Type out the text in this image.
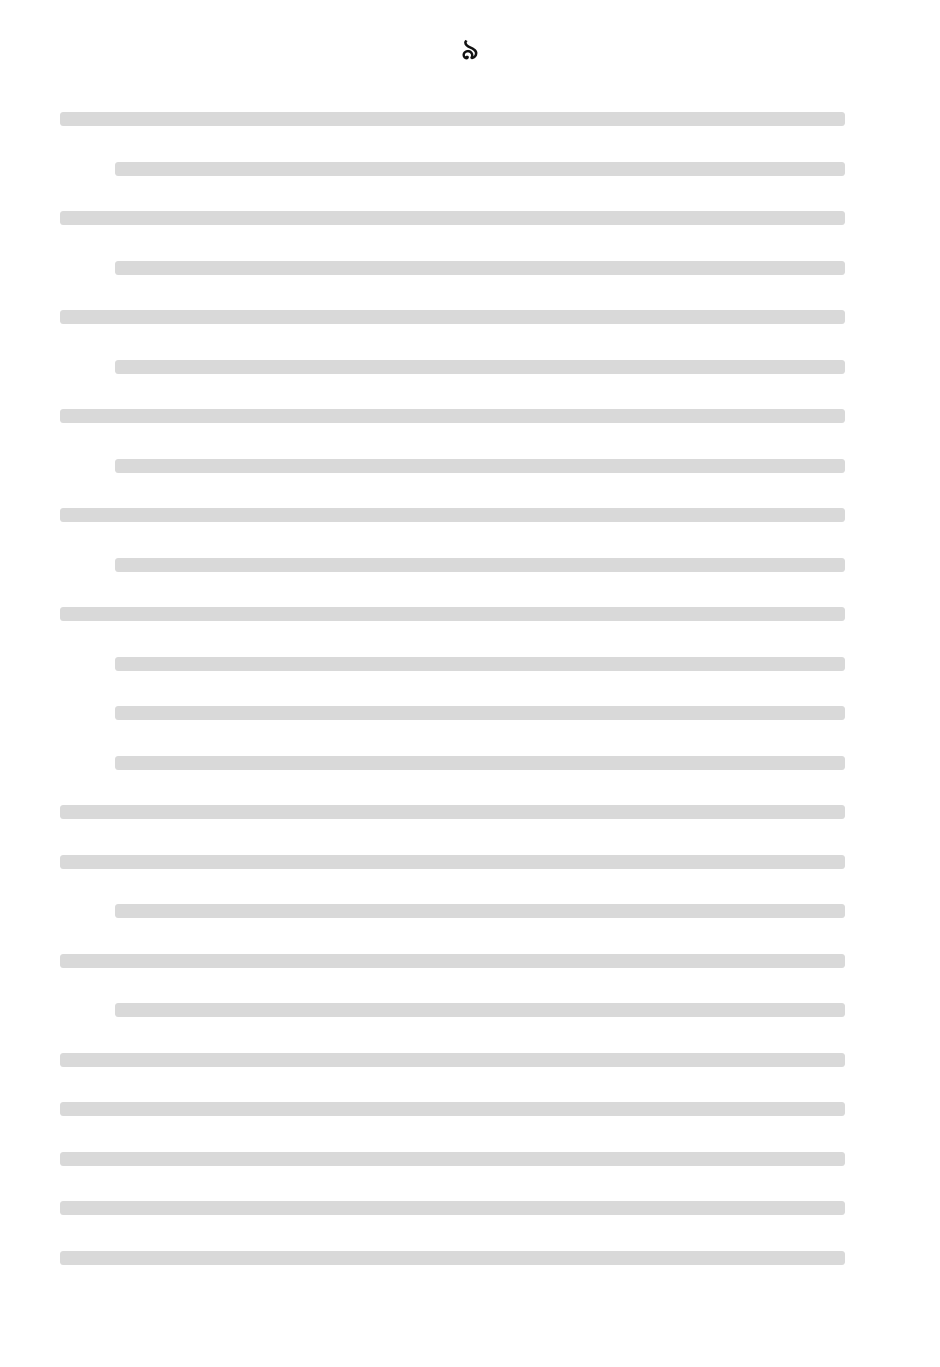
৯
